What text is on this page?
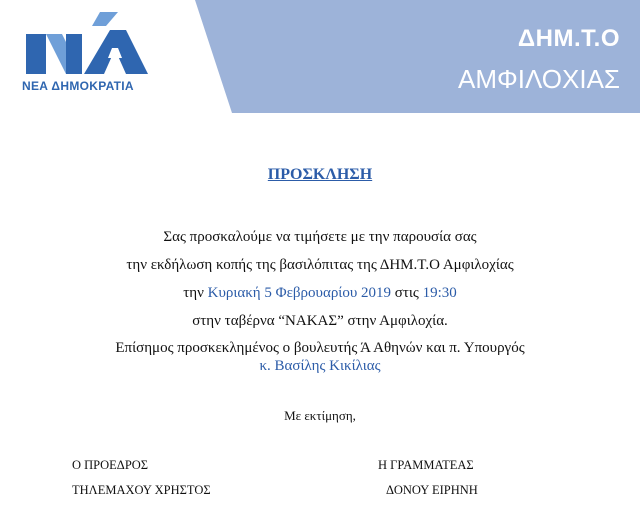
ΝΕΑ ΔΗΜΟΚΡΑΤΙΑ
ΔΗΜ.Τ.Ο
ΑΜΦΙΛΟΧΙΑΣ
ΠΡΟΣΚΛΗΣΗ
Σας προσκαλούμε να τιμήσετε με την παρουσία σας
την εκδήλωση κοπής της βασιλόπιτας της ΔΗΜ.Τ.Ο Αμφιλοχίας
την Κυριακή 5 Φεβρουαρίου 2019 στις 19:30
στην ταβέρνα “ΝΑΚΑΣ” στην Αμφιλοχία.
Επίσημος προσκεκλημένος ο βουλευτής Ά Αθηνών και π. Υπουργός
κ. Βασίλης Κικίλιας
Με εκτίμηση,
Ο ΠΡΟΕΔΡΟΣ
ΤΗΛΕΜΑΧΟΥ ΧΡΗΣΤΟΣ
Η ΓΡΑΜΜΑΤΕΑΣ
ΔΟΝΟΥ ΕΙΡΗΝΗ
